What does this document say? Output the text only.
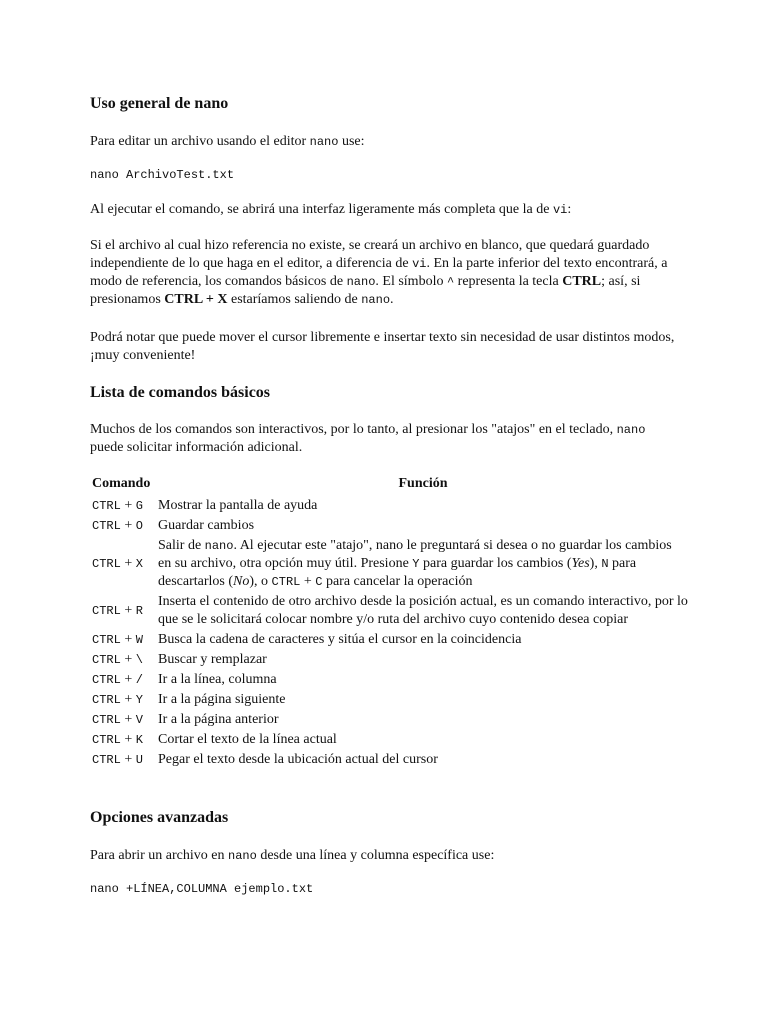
Uso general de nano

Para editar un archivo usando el editor nano use:

nano ArchivoTest.txt

Al ejecutar el comando, se abrirá una interfaz ligeramente más completa que la de vi:

Si el archivo al cual hizo referencia no existe, se creará un archivo en blanco, que quedará guardado independiente de lo que haga en el editor, a diferencia de vi. En la parte inferior del texto encontrará, a modo de referencia, los comandos básicos de nano. El símbolo ^ representa la tecla CTRL; así, si presionamos CTRL + X estaríamos saliendo de nano.

Podrá notar que puede mover el cursor libremente e insertar texto sin necesidad de usar distintos modos, ¡muy conveniente!

Lista de comandos básicos

Muchos de los comandos son interactivos, por lo tanto, al presionar los "atajos" en el teclado, nano puede solicitar información adicional.

Comando	Función
CTRL + G	Mostrar la pantalla de ayuda
CTRL + O	Guardar cambios
CTRL + X	Salir de nano. Al ejecutar este "atajo", nano le preguntará si desea o no guardar los cambios en su archivo, otra opción muy útil. Presione Y para guardar los cambios (Yes), N para descartarlos (No), o CTRL + C para cancelar la operación
CTRL + R	Inserta el contenido de otro archivo desde la posición actual, es un comando interactivo, por lo que se le solicitará colocar nombre y/o ruta del archivo cuyo contenido desea copiar
CTRL + W	Busca la cadena de caracteres y sitúa el cursor en la coincidencia
CTRL + \	Buscar y remplazar
CTRL + /	Ir a la línea, columna
CTRL + Y	Ir a la página siguiente
CTRL + V	Ir a la página anterior
CTRL + K	Cortar el texto de la línea actual
CTRL + U	Pegar el texto desde la ubicación actual del cursor
Opciones avanzadas

Para abrir un archivo en nano desde una línea y columna específica use:

nano +LÍNEA,COLUMNA ejemplo.txt
